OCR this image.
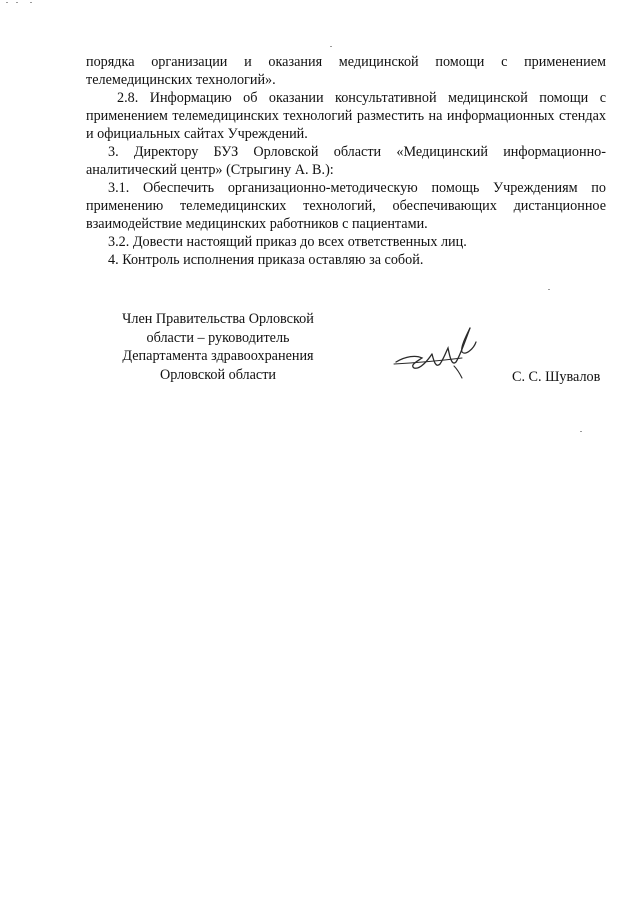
порядка организации и оказания медицинской помощи с применением телемедицинских технологий».

2.8. Информацию об оказании консультативной медицинской помощи с применением телемедицинских технологий разместить на информационных стендах и официальных сайтах Учреждений.

3. Директору БУЗ Орловской области «Медицинский информационно-аналитический центр» (Стрыгину А. В.):

3.1. Обеспечить организационно-методическую помощь Учреждениям по применению телемедицинских технологий, обеспечивающих дистанционное взаимодействие медицинских работников с пациентами.

3.2. Довести настоящий приказ до всех ответственных лиц.

4. Контроль исполнения приказа оставляю за собой.

Член Правительства Орловской
области – руководитель
Департамента здравоохранения
Орловской области	С. С. Шувалов
